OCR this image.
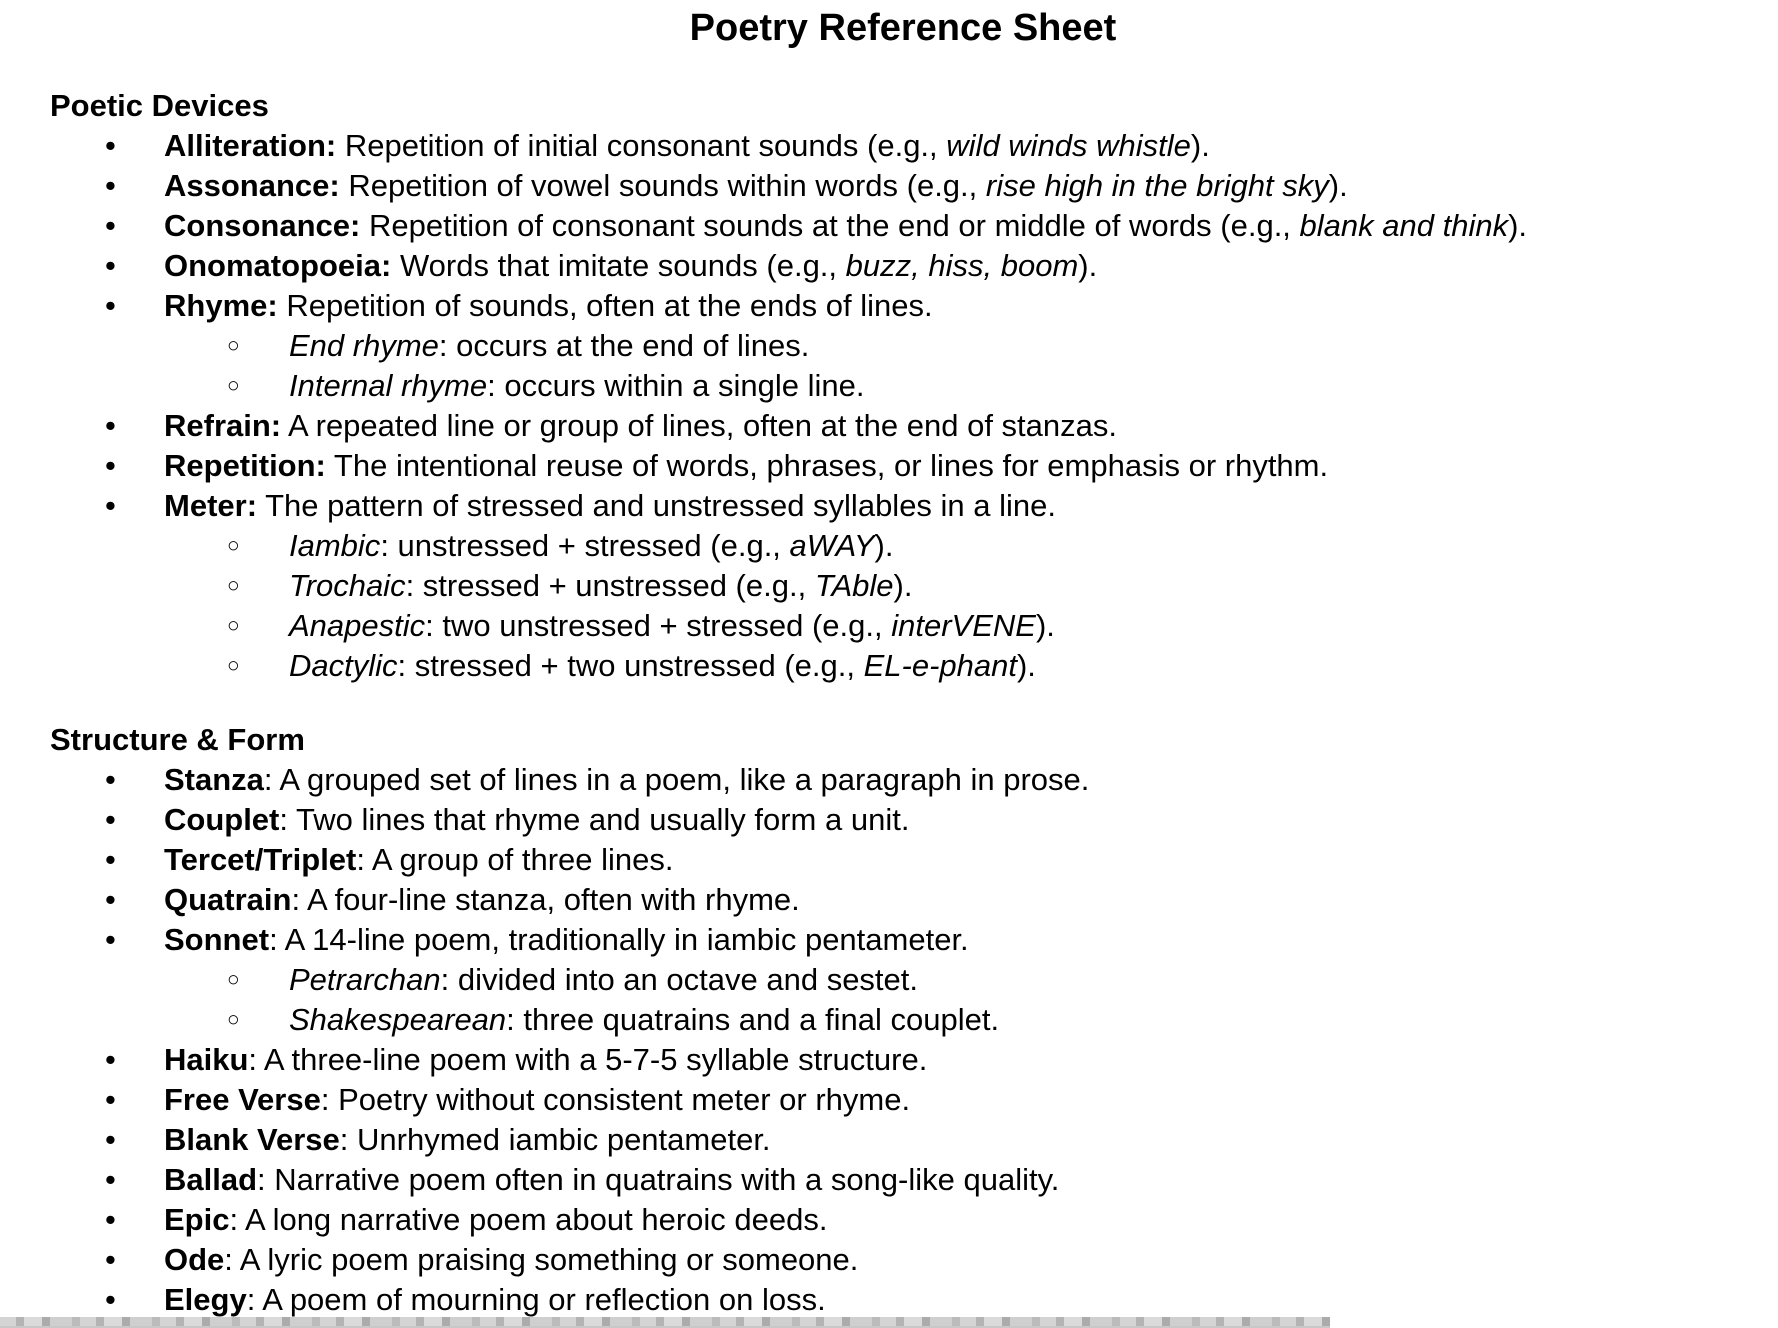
Poetry Reference Sheet
Poetic Devices
• Alliteration: Repetition of initial consonant sounds (e.g., wild winds whistle).
• Assonance: Repetition of vowel sounds within words (e.g., rise high in the bright sky).
• Consonance: Repetition of consonant sounds at the end or middle of words (e.g., blank and think).
• Onomatopoeia: Words that imitate sounds (e.g., buzz, hiss, boom).
• Rhyme: Repetition of sounds, often at the ends of lines.
○ End rhyme: occurs at the end of lines.
○ Internal rhyme: occurs within a single line.
• Refrain: A repeated line or group of lines, often at the end of stanzas.
• Repetition: The intentional reuse of words, phrases, or lines for emphasis or rhythm.
• Meter: The pattern of stressed and unstressed syllables in a line.
○ Iambic: unstressed + stressed (e.g., aWAY).
○ Trochaic: stressed + unstressed (e.g., TAble).
○ Anapestic: two unstressed + stressed (e.g., interVENE).
○ Dactylic: stressed + two unstressed (e.g., EL-e-phant).
Structure & Form
• Stanza: A grouped set of lines in a poem, like a paragraph in prose.
• Couplet: Two lines that rhyme and usually form a unit.
• Tercet/Triplet: A group of three lines.
• Quatrain: A four-line stanza, often with rhyme.
• Sonnet: A 14-line poem, traditionally in iambic pentameter.
○ Petrarchan: divided into an octave and sestet.
○ Shakespearean: three quatrains and a final couplet.
• Haiku: A three-line poem with a 5-7-5 syllable structure.
• Free Verse: Poetry without consistent meter or rhyme.
• Blank Verse: Unrhymed iambic pentameter.
• Ballad: Narrative poem often in quatrains with a song-like quality.
• Epic: A long narrative poem about heroic deeds.
• Ode: A lyric poem praising something or someone.
• Elegy: A poem of mourning or reflection on loss.
